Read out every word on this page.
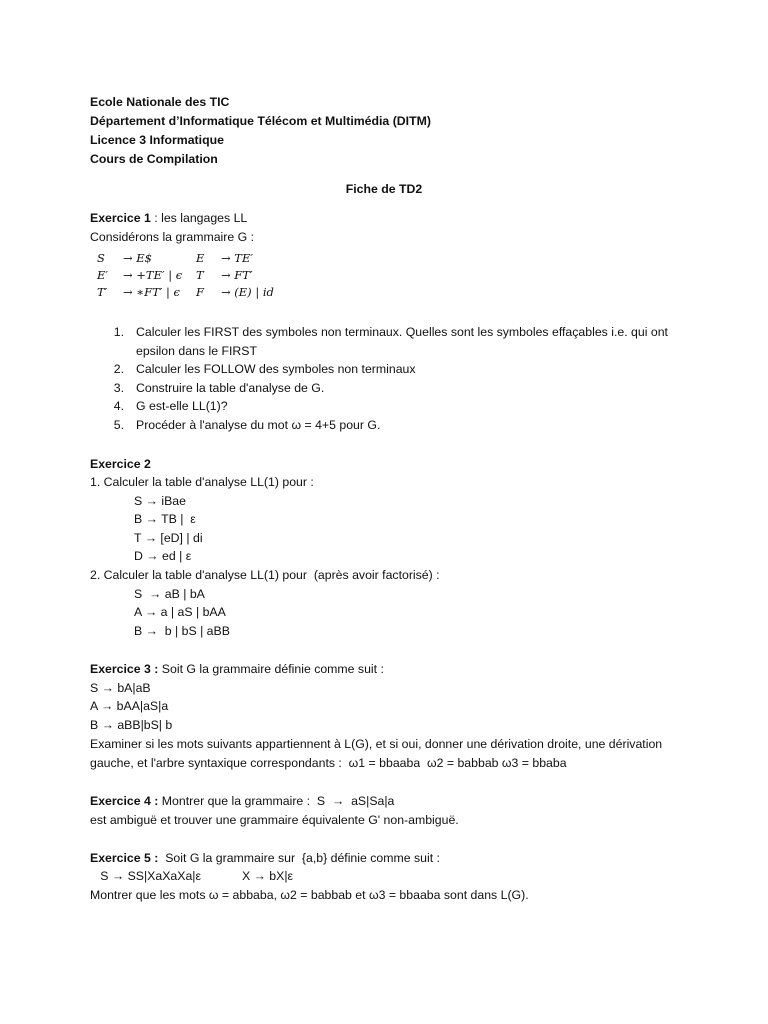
Ecole Nationale des TIC
Département d’Informatique Télécom et Multimédia (DITM)
Licence 3 Informatique
Cours de Compilation
Fiche de TD2
Exercice 1 : les langages LL
Considérons la grammaire G :
S → E$	E → TE′
E′ → +TE′ | ϵ T → FT′
T′ → ∗FT′ | ϵ F → (E) | id
1. Calculer les FIRST des symboles non terminaux. Quelles sont les symboles effaçables i.e. qui ont
epsilon dans le FIRST
2. Calculer les FOLLOW des symboles non terminaux
3. Construire la table d'analyse de G.
4. G est-elle LL(1)?
5. Procéder à l'analyse du mot ω = 4+5 pour G.
Exercice 2
1. Calculer la table d'analyse LL(1) pour :
S → iBae
B → TB |  ε
T → [eD] | di
D → ed | ε
2. Calculer la table d'analyse LL(1) pour  (après avoir factorisé) :
S  → aB | bA
A → a | aS | bAA
B →  b | bS | aBB
Exercice 3 : Soit G la grammaire définie comme suit :
S → bA|aB
A → bAA|aS|a
B → aBB|bS| b
Examiner si les mots suivants appartiennent à L(G), et si oui, donner une dérivation droite, une dérivation
gauche, et l'arbre syntaxique correspondants :  ω1 = bbaaba  ω2 = babbab ω3 = bbaba
Exercice 4 : Montrer que la grammaire :  S  →  aS|Sa|a
est ambiguë et trouver une grammaire équivalente G' non-ambiguë.
Exercice 5 :  Soit G la grammaire sur  {a,b} définie comme suit :
S → SS|XaXaXa|ε            X → bX|ε
Montrer que les mots ω = abbaba, ω2 = babbab et ω3 = bbaaba sont dans L(G).
